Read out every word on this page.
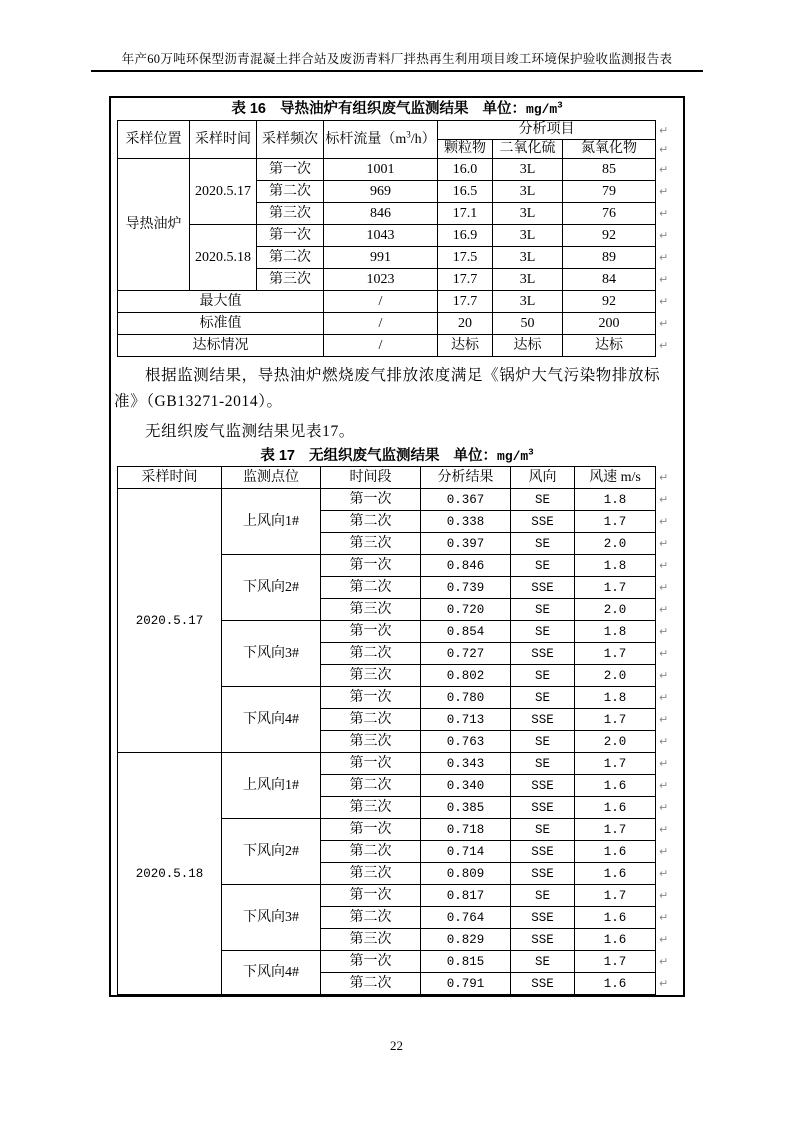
年产60万吨环保型沥青混凝土拌合站及废沥青料厂拌热再生利用项目竣工环境保护验收监测报告表
表 16 导热油炉有组织废气监测结果 单位：$mg/m^3$
采样位置	采样时间	采样频次	标杆流量$(m^3/h)$	分析项目		
				颗粒物	二氧化硫	氮氧化物
导热油炉	2020.5.17	第一次	1001	16.0	3L	85
		第二次	969	16.5	3L	79
		第三次	846	17.1	3L	76
	2020.5.18	第一次	1043	16.9	3L	92
		第二次	991	17.5	3L	89
		第三次	1023	17.7	3L	84
最大值			/	17.7	3L	92
标准值			/	20	50	200
达标情况			/	达标	达标	达标

根据监测结果，导热油炉燃烧废气排放浓度满足《锅炉大气污染物排放标准》（GB13271-2014）。

无组织废气监测结果见表17。

表 17 无组织废气监测结果 单位：$mg/m^3$
采样时间	监测点位	时间段	分析结果	风向	风速 m/s
2020.5.17	上风向1#	第一次	0.367	SE	1.8
		第二次	0.338	SSE	1.7
		第三次	0.397	SE	2.0
	下风向2#	第一次	0.846	SE	1.8
		第二次	0.739	SSE	1.7
		第三次	0.720	SE	2.0
	下风向3#	第一次	0.854	SE	1.8
		第二次	0.727	SSE	1.7
		第三次	0.802	SE	2.0
	下风向4#	第一次	0.780	SE	1.8
		第二次	0.713	SSE	1.7
		第三次	0.763	SE	2.0
2020.5.18	上风向1#	第一次	0.343	SE	1.7
		第二次	0.340	SSE	1.6
		第三次	0.385	SSE	1.6
	下风向2#	第一次	0.718	SE	1.7
		第二次	0.714	SSE	1.6
		第三次	0.809	SSE	1.6
	下风向3#	第一次	0.817	SE	1.7
		第二次	0.764	SSE	1.6
		第三次	0.829	SSE	1.6
	下风向4#	第一次	0.815	SE	1.7
		第二次	0.791	SSE	1.6
↵
↵
↵
↵
↵
↵
↵
↵
↵
↵
↵
↵
↵
↵
↵
↵
↵
↵
↵
↵
↵
↵
↵
↵
↵
↵
↵
↵
↵
↵
↵
↵
↵
↵
↵
22
